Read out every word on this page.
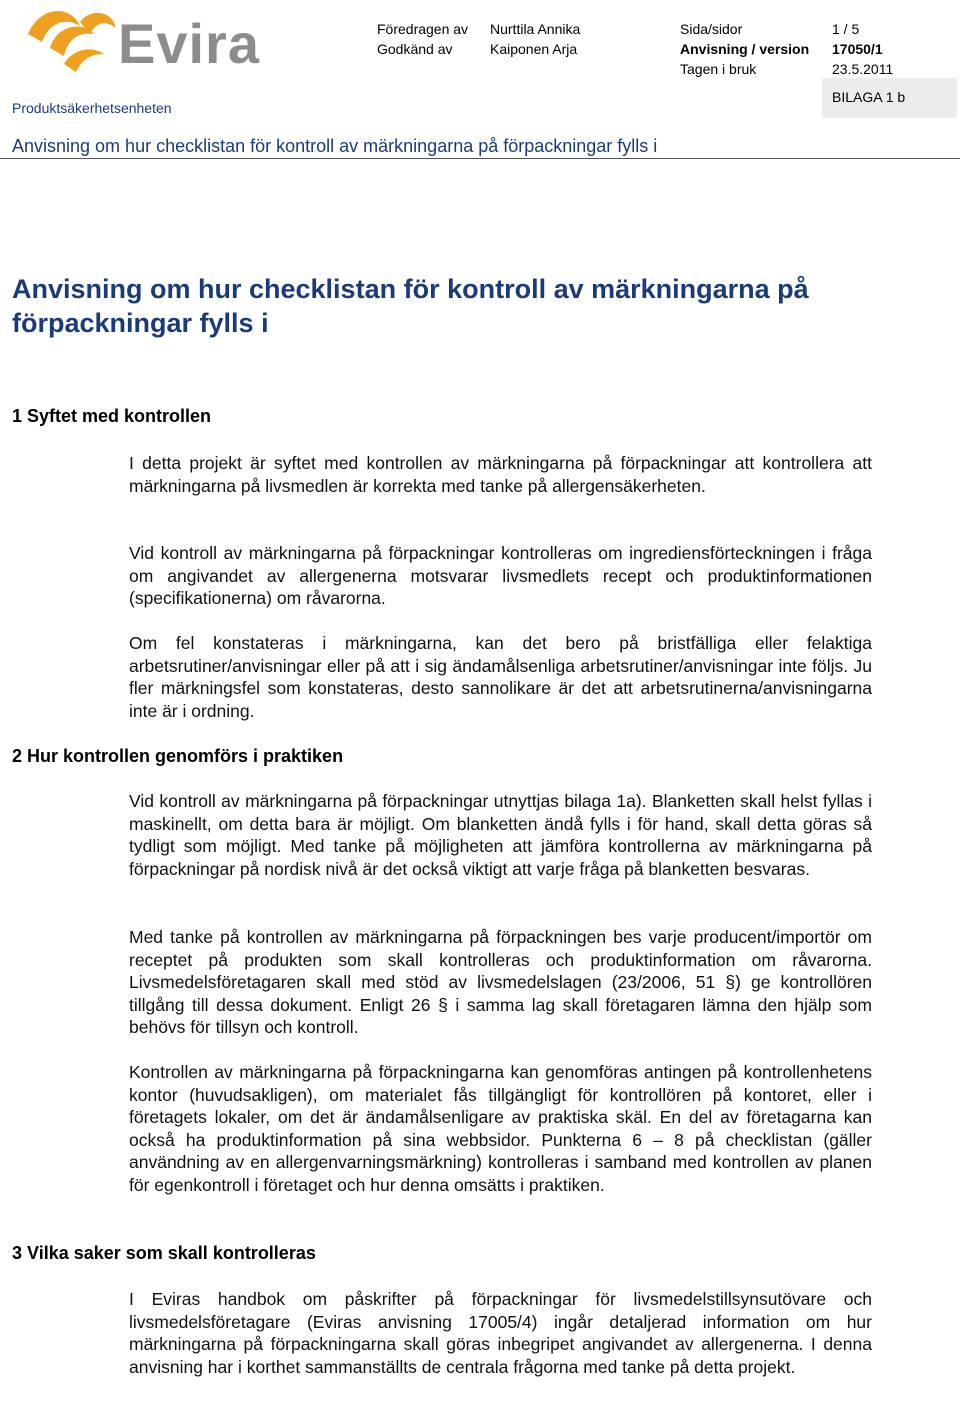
Evira	Föredragen av Nurttila Annika
Godkänd av	Kaiponen Arja
Sida/sidor	1 / 5
Anvisning / version 17050/1
Tagen i bruk	23.5.2011
BILAGA 1 b
Produktsäkerhetsenheten
Anvisning om hur checklistan för kontroll av märkningarna på förpackningar fylls i
Anvisning om hur checklistan för kontroll av märkningarna på förpackningar fylls i
1 Syftet med kontrollen

I detta projekt är syftet med kontrollen av märkningarna på förpackningar att kontrollera att märkningarna på livsmedlen är korrekta med tanke på allergensäkerheten.

Vid kontroll av märkningarna på förpackningar kontrolleras om ingrediensförteckningen i fråga om angivandet av allergenerna motsvarar livsmedlets recept och produktinformationen (specifikationerna) om råvarorna.

Om fel konstateras i märkningarna, kan det bero på bristfälliga eller felaktiga arbetsrutiner/anvisningar eller på att i sig ändamålsenliga arbetsrutiner/anvisningar inte följs. Ju fler märkningsfel som konstateras, desto sannolikare är det att arbetsrutinerna/anvisningarna inte är i ordning.

2 Hur kontrollen genomförs i praktiken

Vid kontroll av märkningarna på förpackningar utnyttjas bilaga 1a). Blanketten skall helst fyllas i maskinellt, om detta bara är möjligt. Om blanketten ändå fylls i för hand, skall detta göras så tydligt som möjligt. Med tanke på möjligheten att jämföra kontrollerna av märkningarna på förpackningar på nordisk nivå är det också viktigt att varje fråga på blanketten besvaras.

Med tanke på kontrollen av märkningarna på förpackningen bes varje producent/importör om receptet på produkten som skall kontrolleras och produktinformation om råvarorna. Livsmedelsföretagaren skall med stöd av livsmedelslagen (23/2006, 51 §) ge kontrollören tillgång till dessa dokument. Enligt 26 § i samma lag skall företagaren lämna den hjälp som behövs för tillsyn och kontroll.

Kontrollen av märkningarna på förpackningarna kan genomföras antingen på kontrollenhetens kontor (huvudsakligen), om materialet fås tillgängligt för kontrollören på kontoret, eller i företagets lokaler, om det är ändamålsenligare av praktiska skäl. En del av företagarna kan också ha produktinformation på sina webbsidor. Punkterna 6 – 8 på checklistan (gäller användning av en allergenvarningsmärkning) kontrolleras i samband med kontrollen av planen för egenkontroll i företaget och hur denna omsätts i praktiken.

3 Vilka saker som skall kontrolleras

I Eviras handbok om påskrifter på förpackningar för livsmedelstillsynsutövare och livsmedelsföretagare (Eviras anvisning 17005/4) ingår detaljerad information om hur märkningarna på förpackningarna skall göras inbegripet angivandet av allergenerna. I denna anvisning har i korthet sammanställts de centrala frågorna med tanke på detta projekt.
